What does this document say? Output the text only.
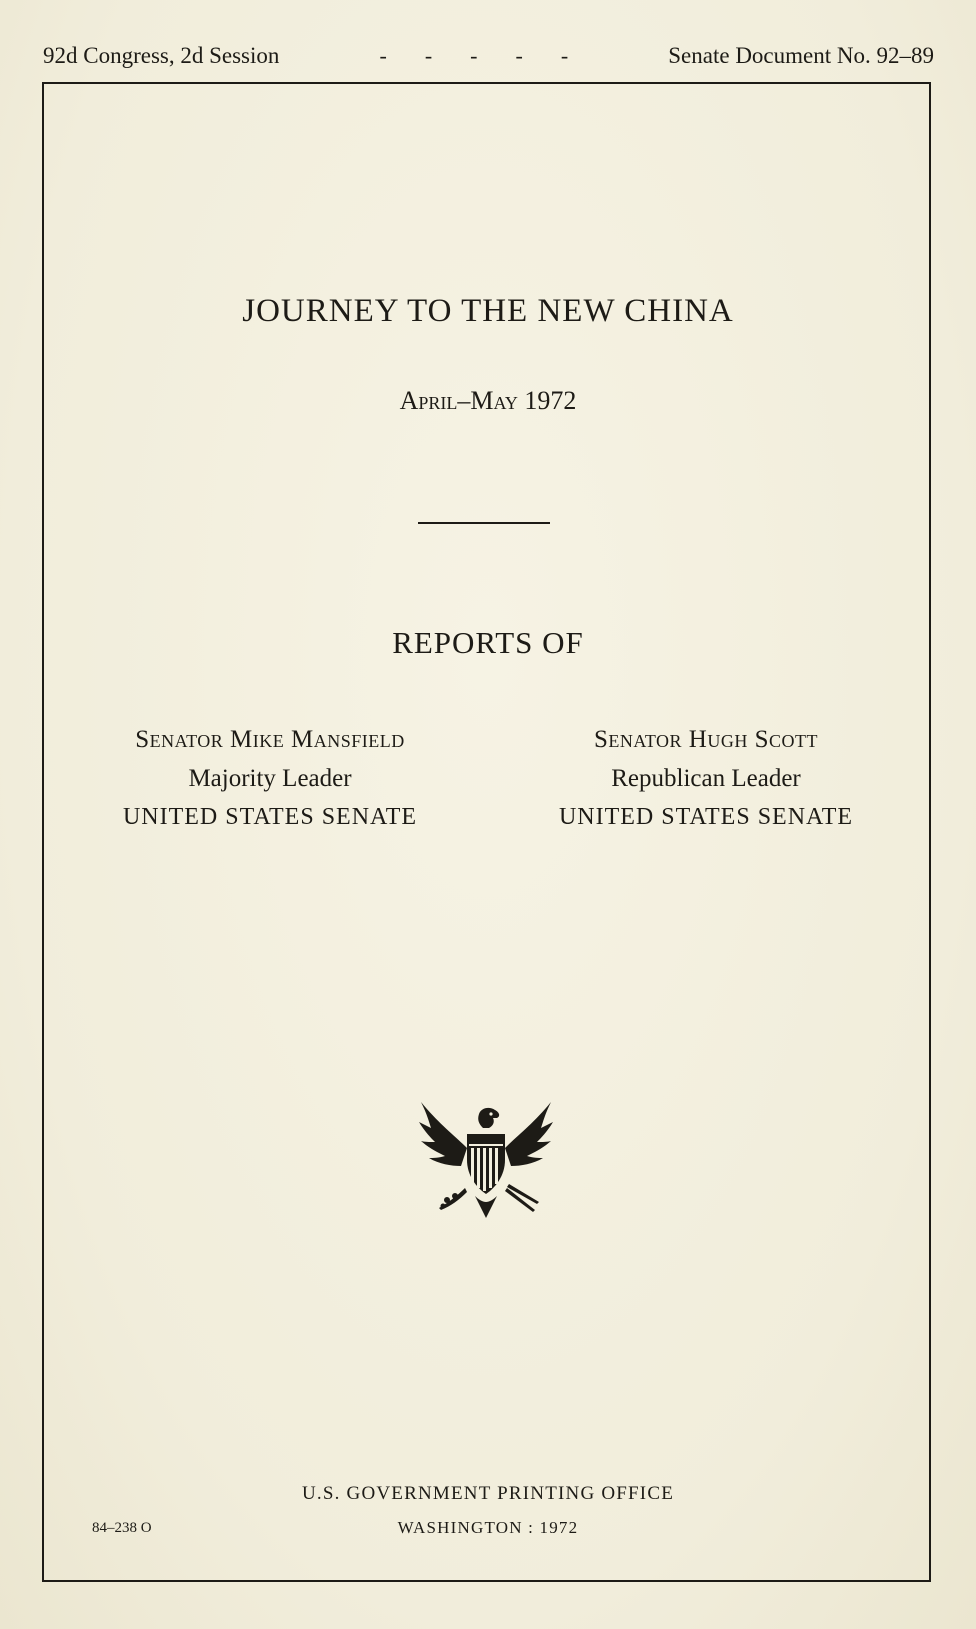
92d Congress, 2d Session	- - - - -	Senate Document No. 92–89
JOURNEY TO THE NEW CHINA
April–May 1972
REPORTS OF
Senator Mike Mansfield
Majority Leader
UNITED STATES SENATE
Senator Hugh Scott
Republican Leader
UNITED STATES SENATE
U.S. GOVERNMENT PRINTING OFFICE
WASHINGTON : 1972
84–238 O
